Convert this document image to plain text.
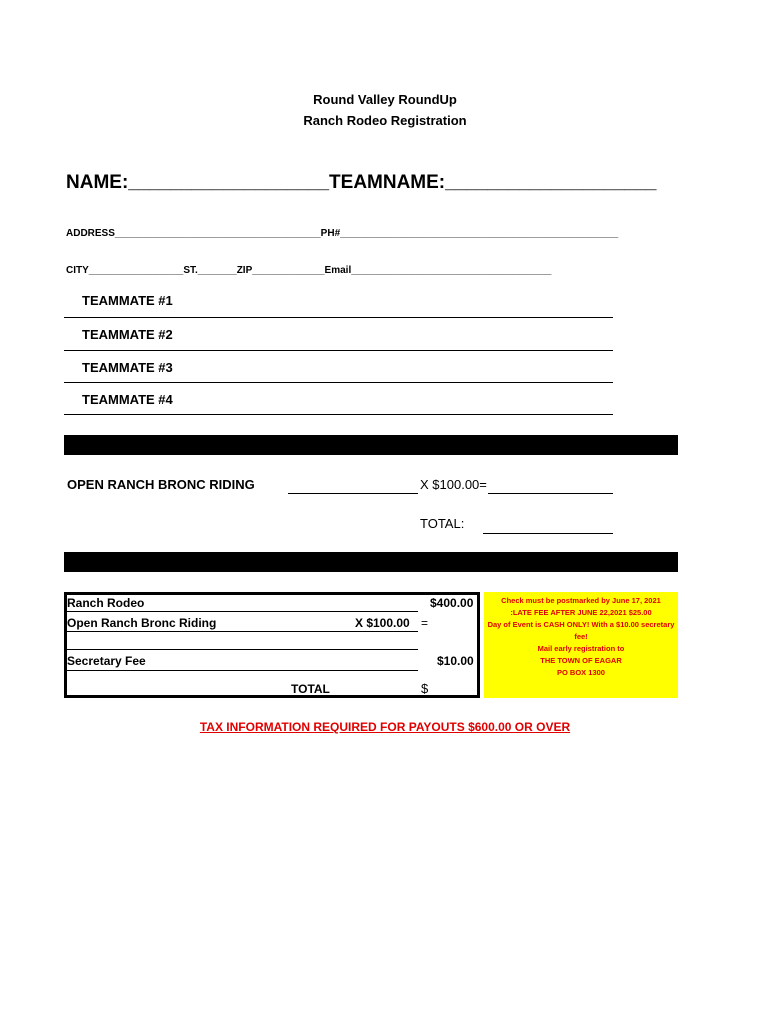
Round Valley RoundUp
Ranch Rodeo Registration
NAME:___________________TEAMNAME:____________________
ADDRESS_____________________________________PH#__________________________________________________
CITY_________________ST._______ZIP_____________Email____________________________________
TEAMMATE #1
TEAMMATE #2
TEAMMATE #3
TEAMMATE #4
OPEN RANCH BRONC RIDING	X $100.00=
TOTAL:
Ranch Rodeo	$400.00
Open Ranch Bronc Riding	X $100.00 =
Secretary Fee	$10.00
TOTAL	$
Check must be postmarked by June 17, 2021
:LATE FEE AFTER JUNE 22,2021 $25.00
Day of Event is CASH ONLY! With a $10.00 secretary
fee!
Mail early registration to
THE TOWN OF EAGAR
PO BOX 1300
TAX INFORMATION REQUIRED FOR PAYOUTS $600.00 OR OVER
